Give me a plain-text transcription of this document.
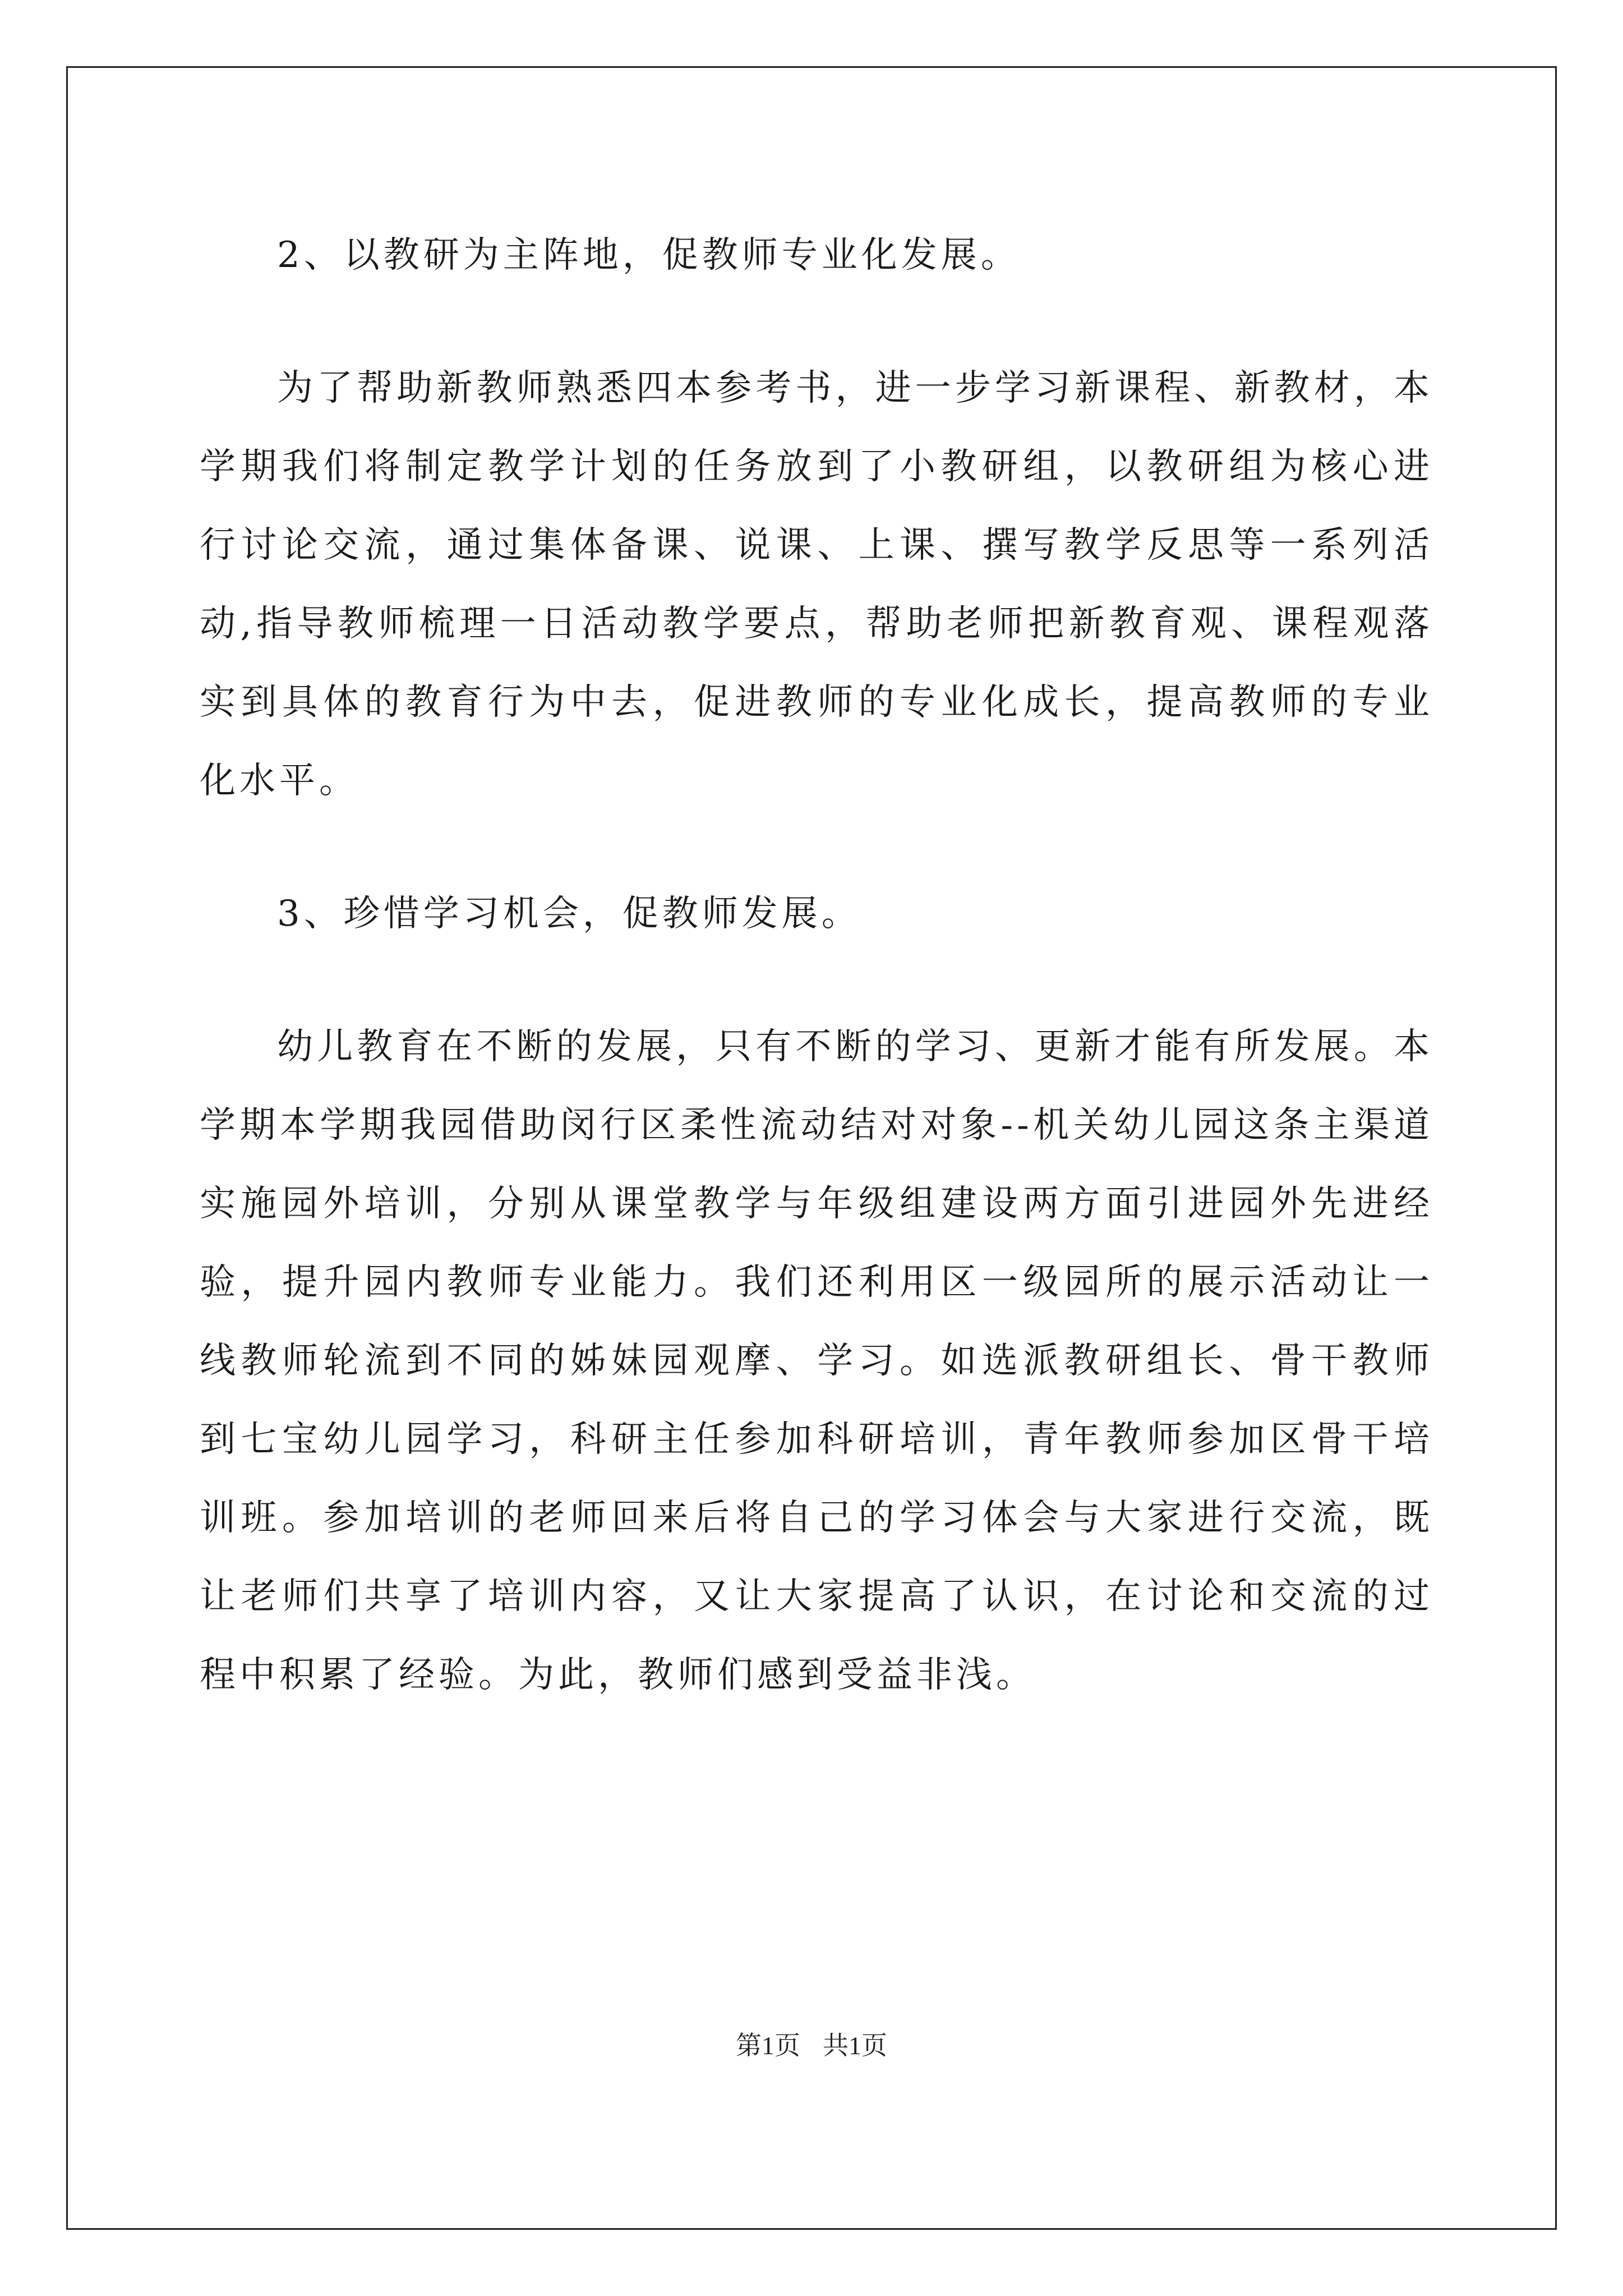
2、以教研为主阵地，促教师专业化发展。

为了帮助新教师熟悉四本参考书，进一步学习新课程、新教材，本学期我们将制定教学计划的任务放到了小教研组，以教研组为核心进行讨论交流，通过集体备课、说课、上课、撰写教学反思等一系列活动,指导教师梳理一日活动教学要点，帮助老师把新教育观、课程观落实到具体的教育行为中去，促进教师的专业化成长，提高教师的专业化水平。

3、珍惜学习机会，促教师发展。

幼儿教育在不断的发展，只有不断的学习、更新才能有所发展。本学期本学期我园借助闵行区柔性流动结对对象--机关幼儿园这条主渠道实施园外培训，分别从课堂教学与年级组建设两方面引进园外先进经验，提升园内教师专业能力。我们还利用区一级园所的展示活动让一线教师轮流到不同的姊妹园观摩、学习。如选派教研组长、骨干教师到七宝幼儿园学习，科研主任参加科研培训，青年教师参加区骨干培训班。参加培训的老师回来后将自己的学习体会与大家进行交流，既让老师们共享了培训内容，又让大家提高了认识，在讨论和交流的过程中积累了经验。为此，教师们感到受益非浅。

第1页 共1页
